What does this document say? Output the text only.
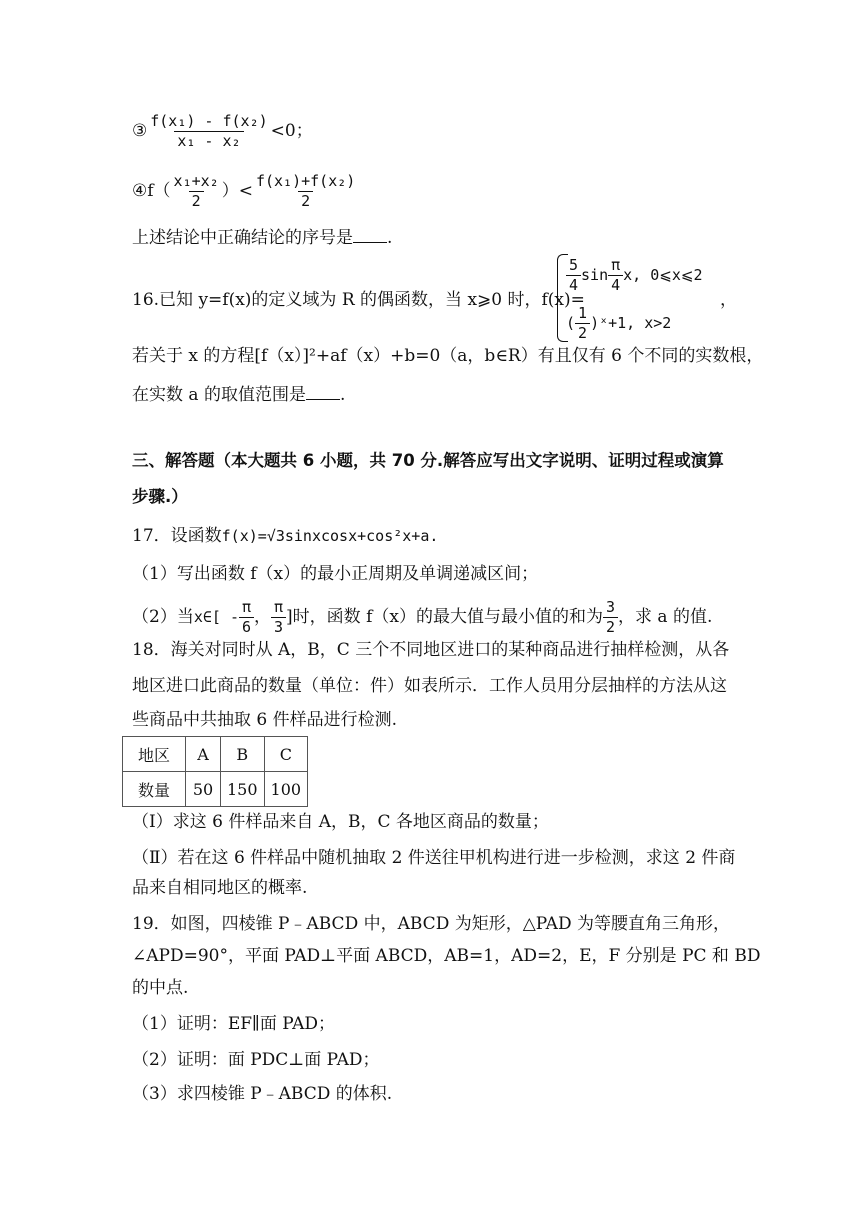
③ $\frac{\text{f(x₁) - f(x₂)}}{\text{x₁ - x₂}} <0$；
④f（ $\frac{\text{x₁+x₂}}{2}$ ）< $\frac{\text{f(x₁)+f(x₂)}}{2}$
上述结论中正确结论的序号是 .
16.已知 y=f(x)的定义域为 R 的偶函数，当 x⩾0 时，f(x)=
$\frac{5}{4}$ $\sin \frac{\pi}{4} x$, 0⩽x⩽2
( $\frac{1}{2}$ )ˣ+1, x>2
，
若关于 x 的方程[f（x）]²+af（x）+b=0（a，b∈R）有且仅有 6 个不同的实数根，
在实数 a 的取值范围是 .
三、解答题（本大题共 6 小题，共 70 分.解答应写出文字说明、证明过程或演算
步骤.）
17．设函数f(x)=√3sinxcosx+cos²x+a.
（1）写出函数 f（x）的最小正周期及单调递减区间；
（2）当x∈[ - $\frac{\pi}{6}$ ， $\frac{\pi}{3}$ ]时，函数 f（x）的最大值与最小值的和为 $\frac{3}{2}$ ，求 a 的值.
18．海关对同时从 A，B，C 三个不同地区进口的某种商品进行抽样检测，从各
地区进口此商品的数量（单位：件）如表所示．工作人员用分层抽样的方法从这
些商品中共抽取 6 件样品进行检测.
地区	A	B	C
数量	50	150	100
（Ⅰ）求这 6 件样品来自 A，B，C 各地区商品的数量；
（Ⅱ）若在这 6 件样品中随机抽取 2 件送往甲机构进行进一步检测，求这 2 件商
品来自相同地区的概率.
19．如图，四棱锥 P﹣ABCD 中，ABCD 为矩形，△PAD 为等腰直角三角形，
∠APD=90°，平面 PAD⊥平面 ABCD，AB=1，AD=2，E，F 分别是 PC 和 BD
的中点.
（1）证明：EF∥面 PAD；
（2）证明：面 PDC⊥面 PAD；
（3）求四棱锥 P﹣ABCD 的体积.
